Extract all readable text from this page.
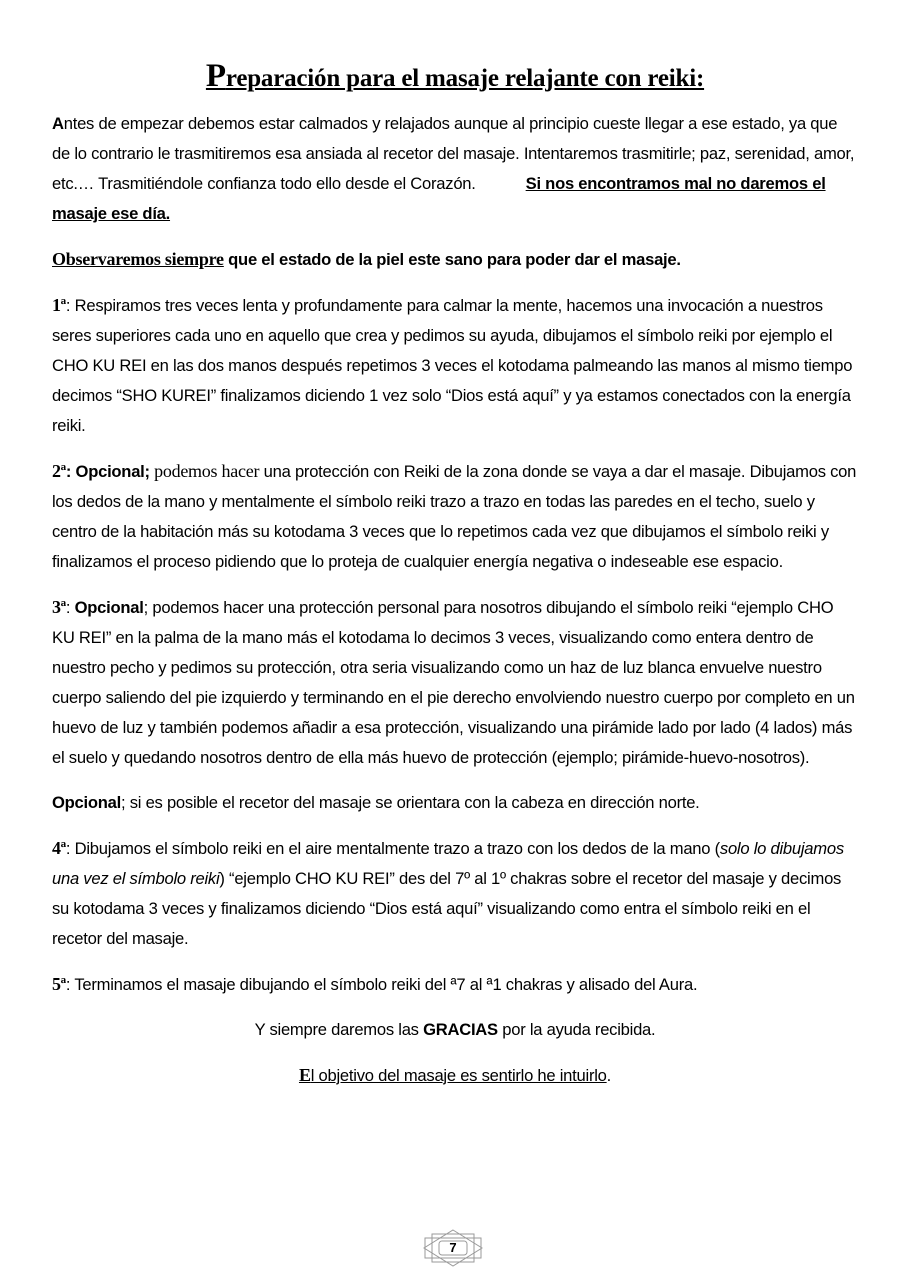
Preparación para el masaje relajante con reiki:

Antes de empezar debemos estar calmados y relajados aunque al principio cueste llegar a ese estado, ya que de lo contrario le trasmitiremos esa ansiada al recetor del masaje. Intentaremos trasmitirle; paz, serenidad, amor, etc.… Trasmitiéndole confianza todo ello desde el Corazón.	Si nos encontramos mal no daremos el masaje ese día.

Observaremos siempre que el estado de la piel este sano para poder dar el masaje.

1ª: Respiramos tres veces lenta y profundamente para calmar la mente, hacemos una invocación a nuestros seres superiores cada uno en aquello que crea y pedimos su ayuda, dibujamos el símbolo reiki por ejemplo el CHO KU REI en las dos manos después repetimos 3 veces el kotodama palmeando las manos al mismo tiempo decimos “SHO KUREI” finalizamos diciendo 1 vez solo “Dios está aquí” y ya estamos conectados con la energía reiki.

2ª: Opcional; podemos hacer una protección con Reiki de la zona donde se vaya a dar el masaje. Dibujamos con los dedos de la mano y mentalmente el símbolo reiki trazo a trazo en todas las paredes en el techo, suelo y centro de la habitación más su kotodama 3 veces que lo repetimos cada vez que dibujamos el símbolo reiki y finalizamos el proceso pidiendo que lo proteja de cualquier energía negativa o indeseable ese espacio.

3ª: Opcional; podemos hacer una protección personal para nosotros dibujando el símbolo reiki “ejemplo CHO KU REI” en la palma de la mano más el kotodama lo decimos 3 veces, visualizando como entera dentro de nuestro pecho y pedimos su protección, otra seria visualizando como un haz de luz blanca envuelve nuestro cuerpo saliendo del pie izquierdo y terminando en el pie derecho envolviendo nuestro cuerpo por completo en un huevo de luz y también podemos añadir a esa protección, visualizando una pirámide lado por lado (4 lados) más el suelo y quedando nosotros dentro de ella más huevo de protección (ejemplo; pirámide-huevo-nosotros).

Opcional; si es posible el recetor del masaje se orientara con la cabeza en dirección norte.

4ª: Dibujamos el símbolo reiki en el aire mentalmente trazo a trazo con los dedos de la mano (solo lo dibujamos una vez el símbolo reiki) “ejemplo CHO KU REI” des del 7º al 1º chakras sobre el recetor del masaje y decimos su kotodama 3 veces y finalizamos diciendo “Dios está aquí” visualizando como entra el símbolo reiki en el recetor del masaje.

5ª: Terminamos el masaje dibujando el símbolo reiki del ª7 al ª1 chakras y alisado del Aura.

Y siempre daremos las GRACIAS por la ayuda recibida.

El objetivo del masaje es sentirlo he intuirlo.

7
